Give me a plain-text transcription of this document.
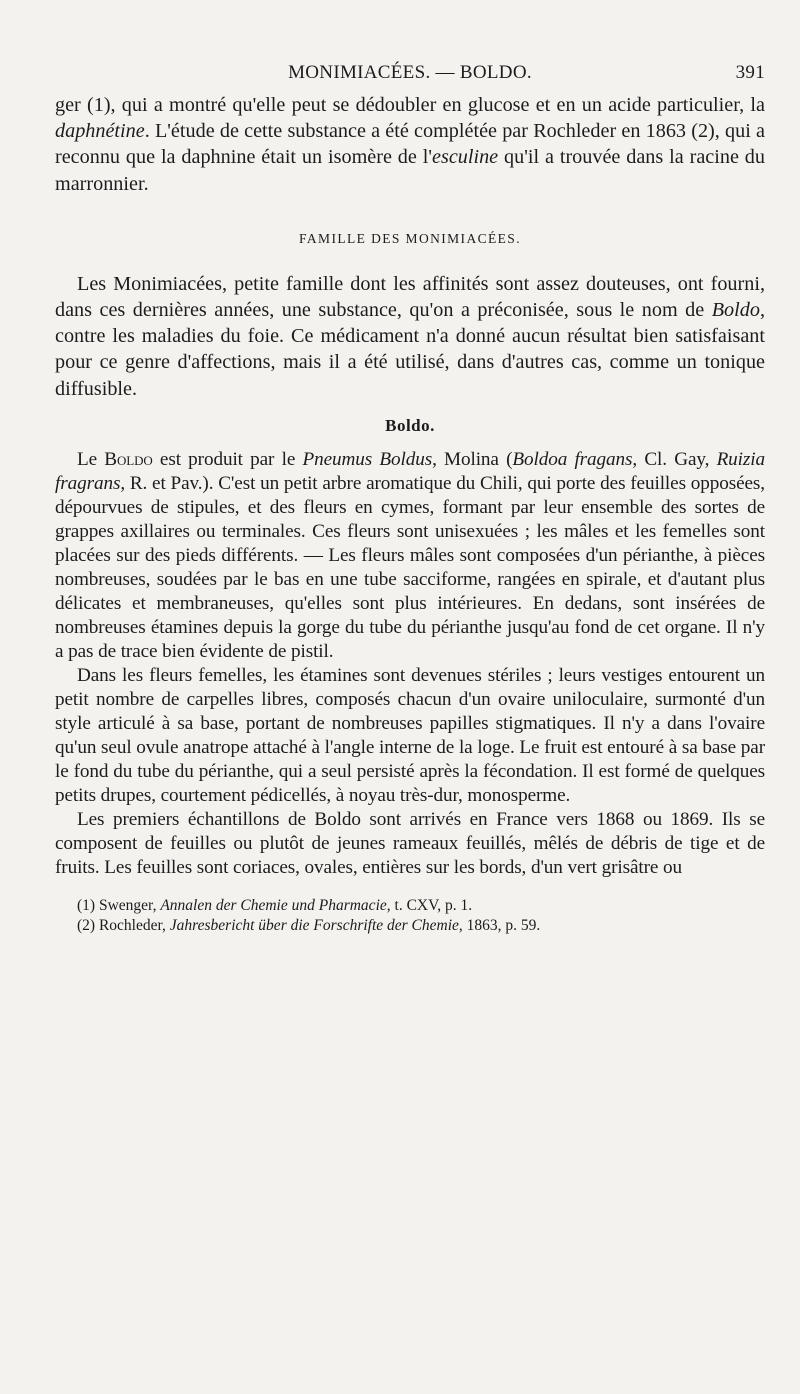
MONIMIACÉES. — BOLDO.	391

ger (1), qui a montré qu'elle peut se dédoubler en glucose et en un acide particulier, la daphnétine. L'étude de cette substance a été complétée par Rochleder en 1863 (2), qui a reconnu que la daphnine était un isomère de l'esculine qu'il a trouvée dans la racine du marronnier.

FAMILLE DES MONIMIACÉES.

Les Monimiacées, petite famille dont les affinités sont assez douteuses, ont fourni, dans ces dernières années, une substance, qu'on a préconisée, sous le nom de Boldo, contre les maladies du foie. Ce médicament n'a donné aucun résultat bien satisfaisant pour ce genre d'affections, mais il a été utilisé, dans d'autres cas, comme un tonique diffusible.

Boldo.

Le Boldo est produit par le Pneumus Boldus, Molina (Boldoa fragans, Cl. Gay, Ruizia fragrans, R. et Pav.). C'est un petit arbre aromatique du Chili, qui porte des feuilles opposées, dépourvues de stipules, et des fleurs en cymes, formant par leur ensemble des sortes de grappes axillaires ou terminales. Ces fleurs sont unisexuées ; les mâles et les femelles sont placées sur des pieds différents. — Les fleurs mâles sont composées d'un périanthe, à pièces nombreuses, soudées par le bas en une tube sacciforme, rangées en spirale, et d'autant plus délicates et membraneuses, qu'elles sont plus intérieures. En dedans, sont insérées de nombreuses étamines depuis la gorge du tube du périanthe jusqu'au fond de cet organe. Il n'y a pas de trace bien évidente de pistil.

Dans les fleurs femelles, les étamines sont devenues stériles ; leurs vestiges entourent un petit nombre de carpelles libres, composés chacun d'un ovaire uniloculaire, surmonté d'un style articulé à sa base, portant de nombreuses papilles stigmatiques. Il n'y a dans l'ovaire qu'un seul ovule anatrope attaché à l'angle interne de la loge. Le fruit est entouré à sa base par le fond du tube du périanthe, qui a seul persisté après la fécondation. Il est formé de quelques petits drupes, courtement pédicellés, à noyau très-dur, monosperme.

Les premiers échantillons de Boldo sont arrivés en France vers 1868 ou 1869. Ils se composent de feuilles ou plutôt de jeunes rameaux feuillés, mêlés de débris de tige et de fruits. Les feuilles sont coriaces, ovales, entières sur les bords, d'un vert grisâtre ou

(1) Swenger, Annalen der Chemie und Pharmacie, t. CXV, p. 1.

(2) Rochleder, Jahresbericht über die Forschrifte der Chemie, 1863, p. 59.
